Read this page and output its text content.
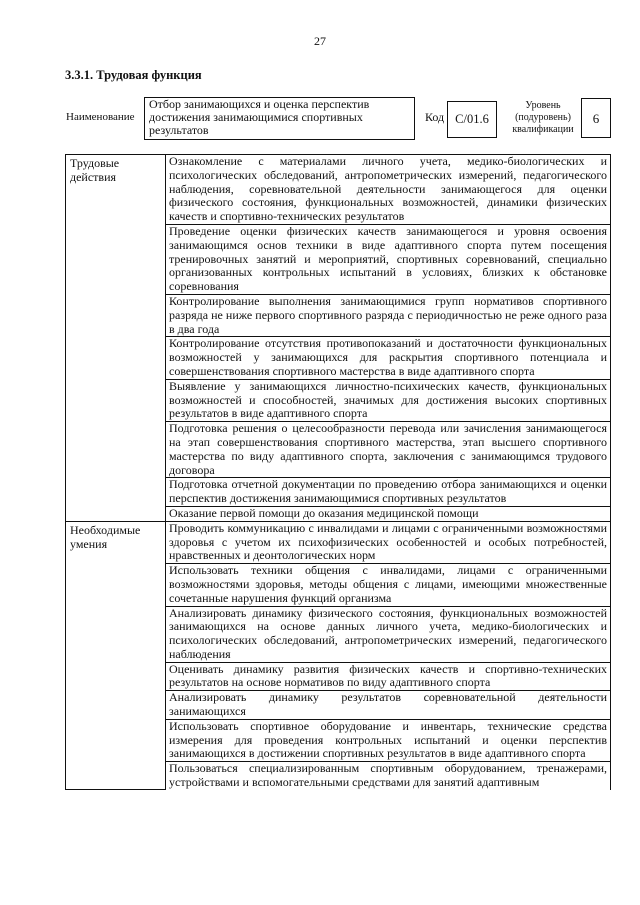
27
3.3.1. Трудовая функция
Наименование
Отбор занимающихся и оценка перспектив достижения занимающимися спортивных результатов
Код С/01.6
Уровень (подуровень) квалификации
6
Трудовые действия	Ознакомление с материалами личного учета, медико-биологических и психологических обследований, антропометрических измерений, педагогического наблюдения, соревновательной деятельности занимающегося для оценки физического состояния, функциональных возможностей, динамики физических качеств и спортивно-технических результатов
	Проведение оценки физических качеств занимающегося и уровня освоения занимающимся основ техники в виде адаптивного спорта путем посещения тренировочных занятий и мероприятий, спортивных соревнований, специально организованных контрольных испытаний в условиях, близких к обстановке соревнования
	Контролирование выполнения занимающимися групп нормативов спортивного разряда не ниже первого спортивного разряда с периодичностью не реже одного раза в два года
	Контролирование отсутствия противопоказаний и достаточности функциональных возможностей у занимающихся для раскрытия спортивного потенциала и совершенствования спортивного мастерства в виде адаптивного спорта
	Выявление у занимающихся личностно-психических качеств, функциональных возможностей и способностей, значимых для достижения высоких спортивных результатов в виде адаптивного спорта
	Подготовка решения о целесообразности перевода или зачисления занимающегося на этап совершенствования спортивного мастерства, этап высшего спортивного мастерства по виду адаптивного спорта, заключения с занимающимся трудового договора
	Подготовка отчетной документации по проведению отбора занимающихся и оценки перспектив достижения занимающимися спортивных результатов
	Оказание первой помощи до оказания медицинской помощи
Необходимые умения	Проводить коммуникацию с инвалидами и лицами с ограниченными возможностями здоровья с учетом их психофизических особенностей и особых потребностей, нравственных и деонтологических норм
	Использовать техники общения с инвалидами, лицами с ограниченными возможностями здоровья, методы общения с лицами, имеющими множественные сочетанные нарушения функций организма
	Анализировать динамику физического состояния, функциональных возможностей занимающихся на основе данных личного учета, медико-биологических и психологических обследований, антропометрических измерений, педагогического наблюдения
	Оценивать динамику развития физических качеств и спортивно-технических результатов на основе нормативов по виду адаптивного спорта
	Анализировать динамику результатов соревновательной деятельности занимающихся
	Использовать спортивное оборудование и инвентарь, технические средства измерения для проведения контрольных испытаний и оценки перспектив занимающихся в достижении спортивных результатов в виде адаптивного спорта
	Пользоваться специализированным спортивным оборудованием, тренажерами, устройствами и вспомогательными средствами для занятий адаптивным
